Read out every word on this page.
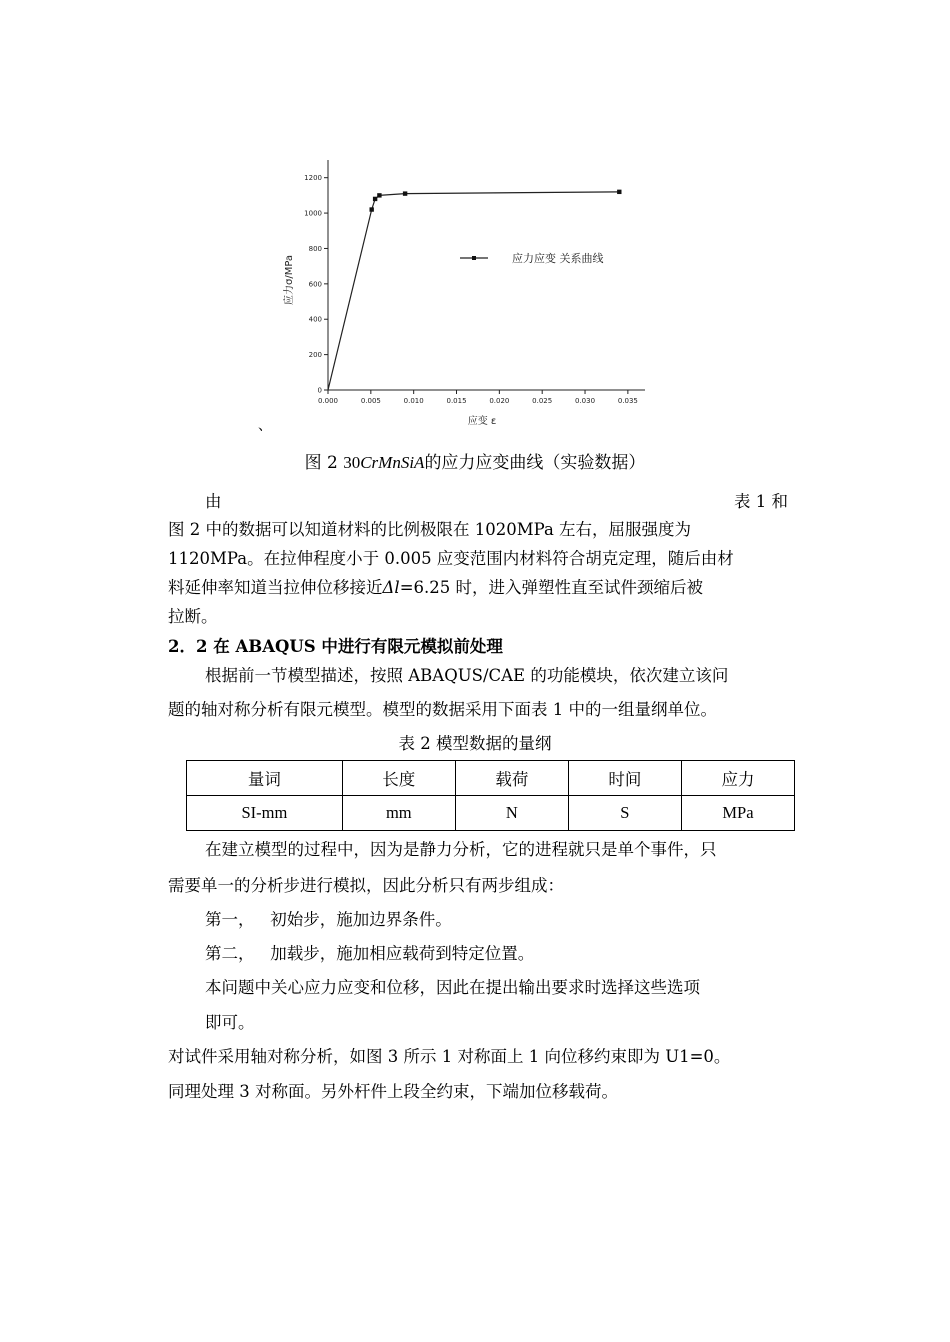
0
200
400
600
800
1000
1200
0.000	0.005	0.010	0.015	0.020	0.025	0.030	0.035
应力应变 关系曲线
应力σ/MPa
应变 ε
、
图 2 30CrMnSiA的应力应变曲线（实验数据）
由	表 1 和
图 2 中的数据可以知道材料的比例极限在 1020MPa 左右，屈服强度为
1120MPa。在拉伸程度小于 0.005 应变范围内材料符合胡克定理，随后由材
料延伸率知道当拉伸位移接近Δl=6.25 时，进入弹塑性直至试件颈缩后被
拉断。
2．2 在 ABAQUS 中进行有限元模拟前处理
根据前一节模型描述，按照 ABAQUS/CAE 的功能模块，依次建立该问
题的轴对称分析有限元模型。模型的数据采用下面表 1 中的一组量纲单位。
表 2 模型数据的量纲
量词	长度	载荷	时间	应力
SI-mm	mm	N	S	MPa
在建立模型的过程中，因为是静力分析，它的进程就只是单个事件，只
需要单一的分析步进行模拟，因此分析只有两步组成：
第一，   初始步，施加边界条件。
第二，   加载步，施加相应载荷到特定位置。
本问题中关心应力应变和位移，因此在提出输出要求时选择这些选项
即可。
对试件采用轴对称分析，如图 3 所示 1 对称面上 1 向位移约束即为 U1=0。
同理处理 3 对称面。另外杆件上段全约束，下端加位移载荷。
